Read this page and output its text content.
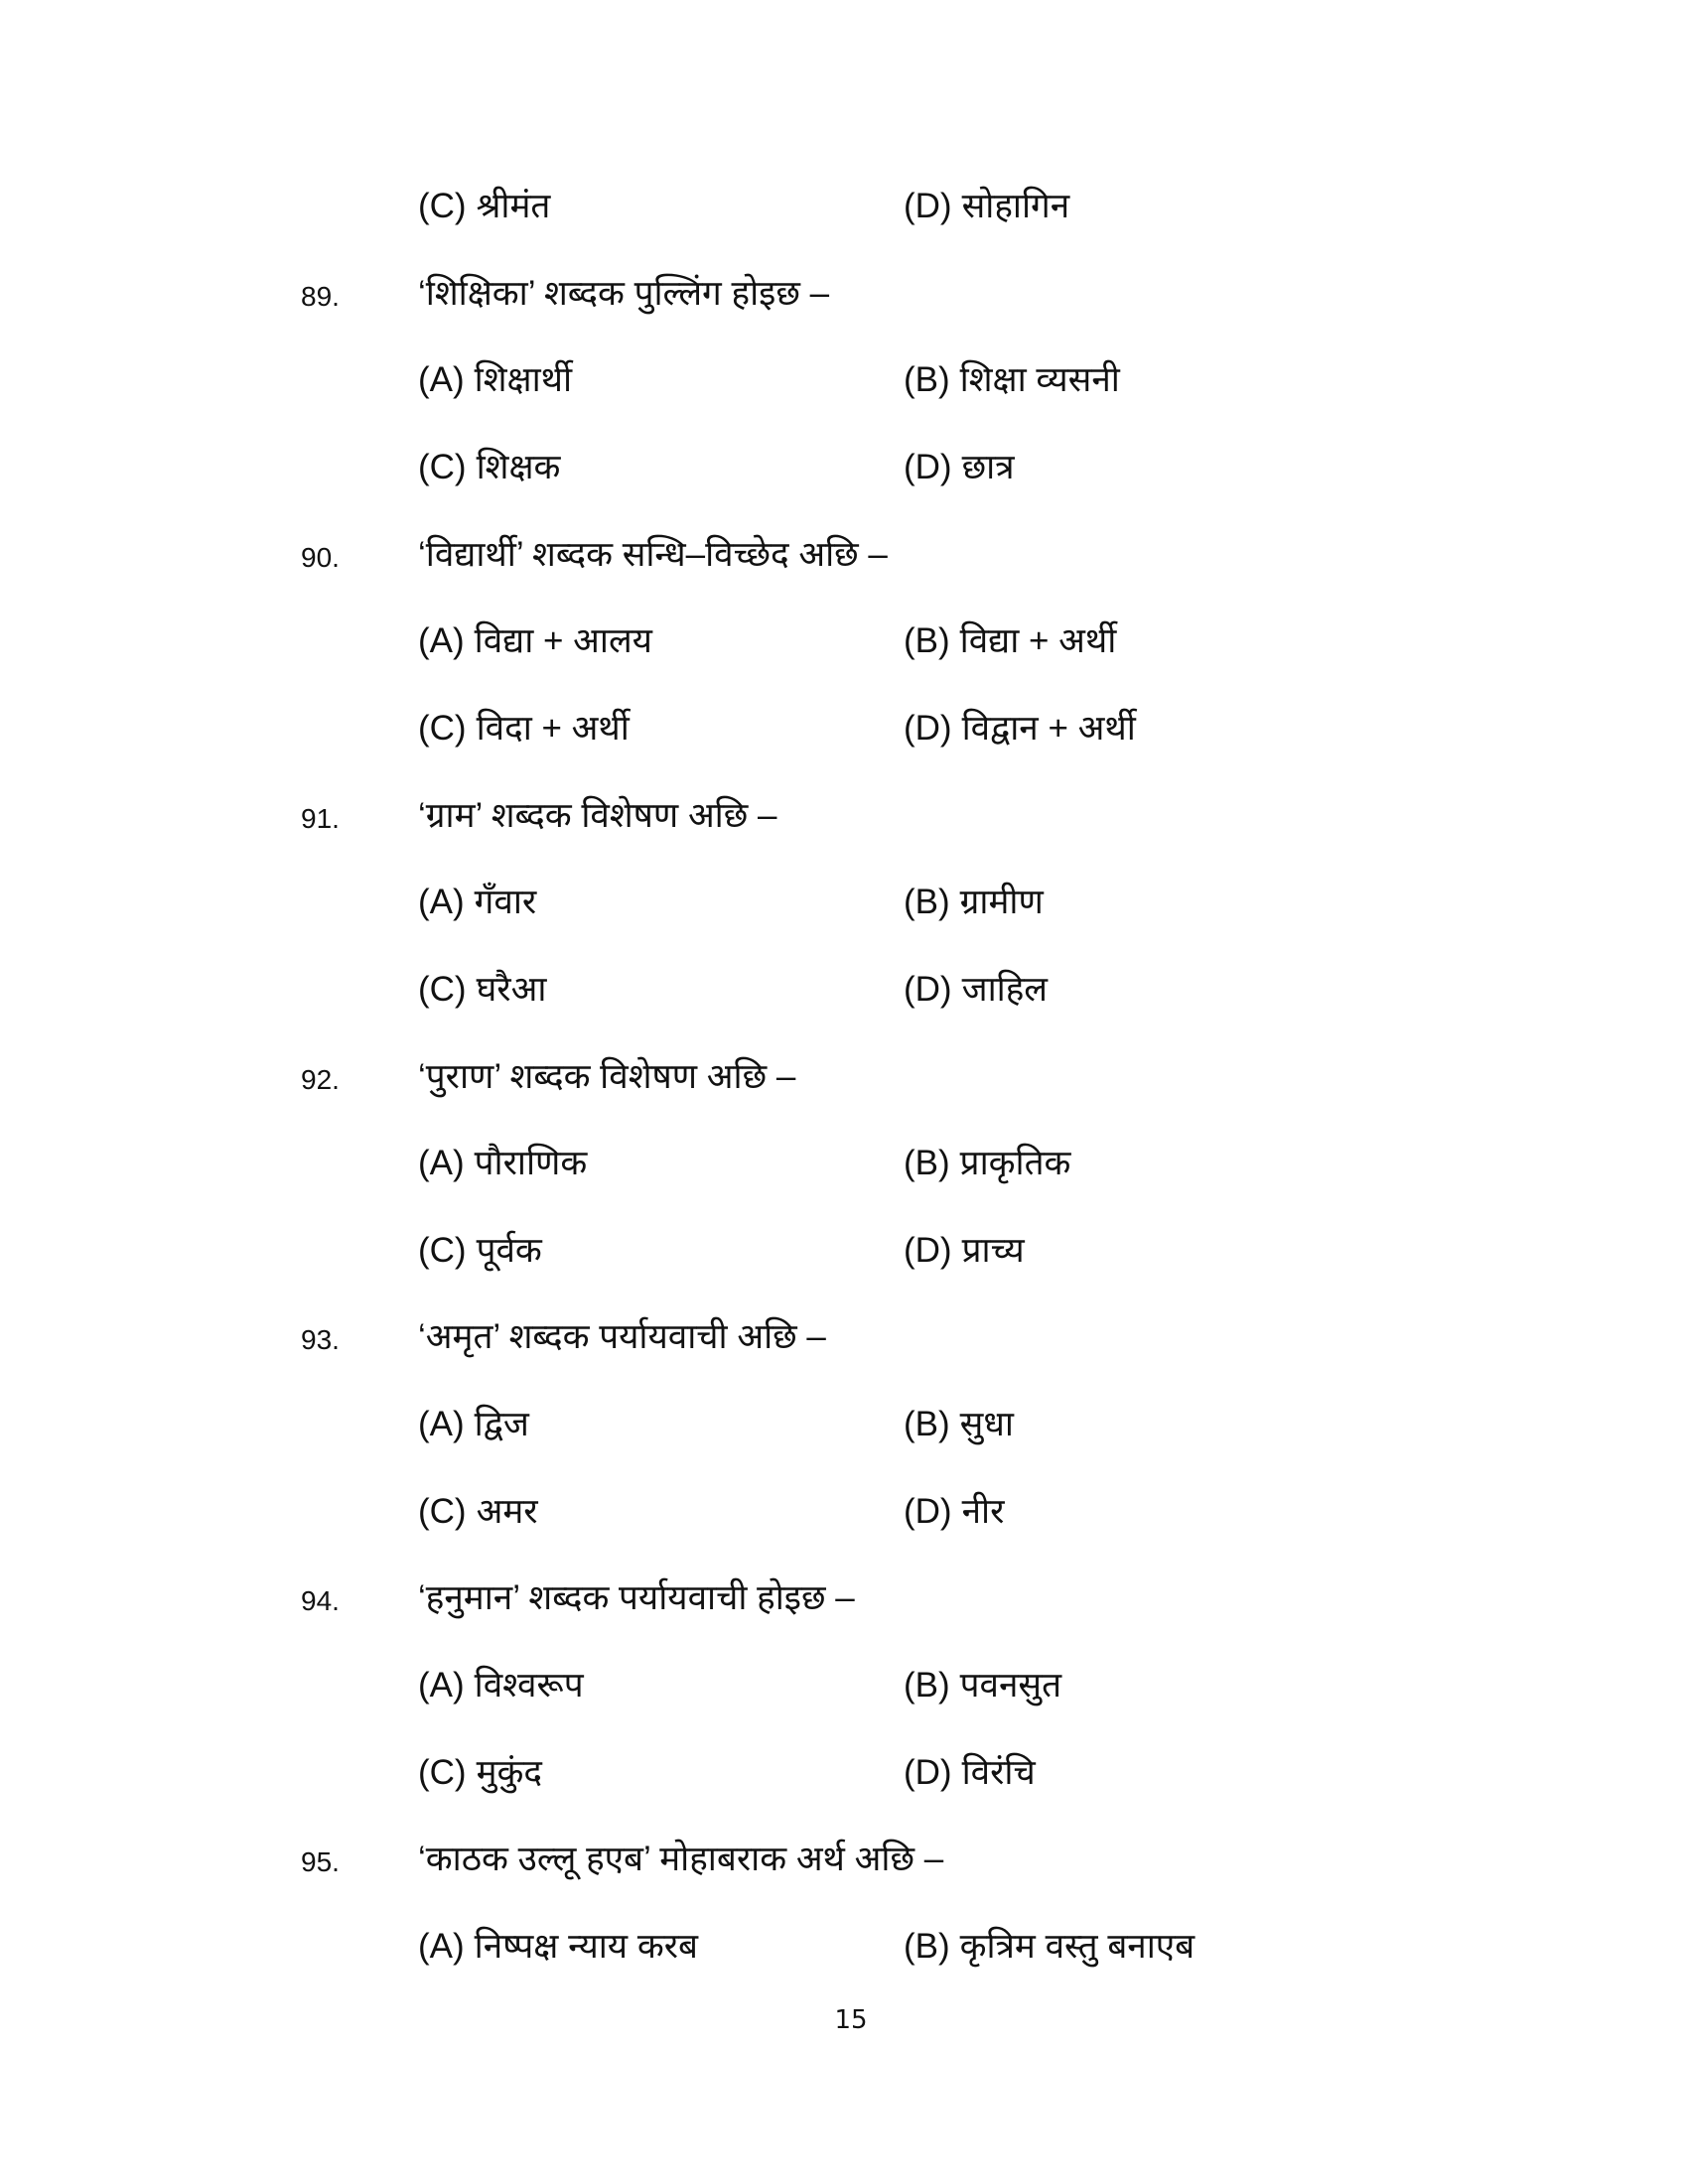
(C) श्रीमंत	(D) सोहागिन
89. ‘शिक्षिका’ शब्दक पुल्लिंग होइछ –
(A) शिक्षार्थी	(B) शिक्षा व्यसनी
(C) शिक्षक	(D) छात्र
90. ‘विद्यार्थी’ शब्दक सन्धि–विच्छेद अछि –
(A) विद्या + आलय	(B) विद्या + अर्थी
(C) विदा + अर्थी	(D) विद्वान + अर्थी
91. ‘ग्राम’ शब्दक विशेषण अछि –
(A) गँवार	(B) ग्रामीण
(C) घरैआ	(D) जाहिल
92. ‘पुराण’ शब्दक विशेषण अछि –
(A) पौराणिक	(B) प्राकृतिक
(C) पूर्वक	(D) प्राच्य
93. ‘अमृत’ शब्दक पर्यायवाची अछि –
(A) द्विज	(B) सुधा
(C) अमर	(D) नीर
94. ‘हनुमान’ शब्दक पर्यायवाची होइछ –
(A) विश्वरूप	(B) पवनसुत
(C) मुकुंद	(D) विरंचि
95. ‘काठक उल्लू हएब’ मोहाबराक अर्थ अछि –
(A) निष्पक्ष न्याय करब	(B) कृत्रिम वस्तु बनाएब
15
